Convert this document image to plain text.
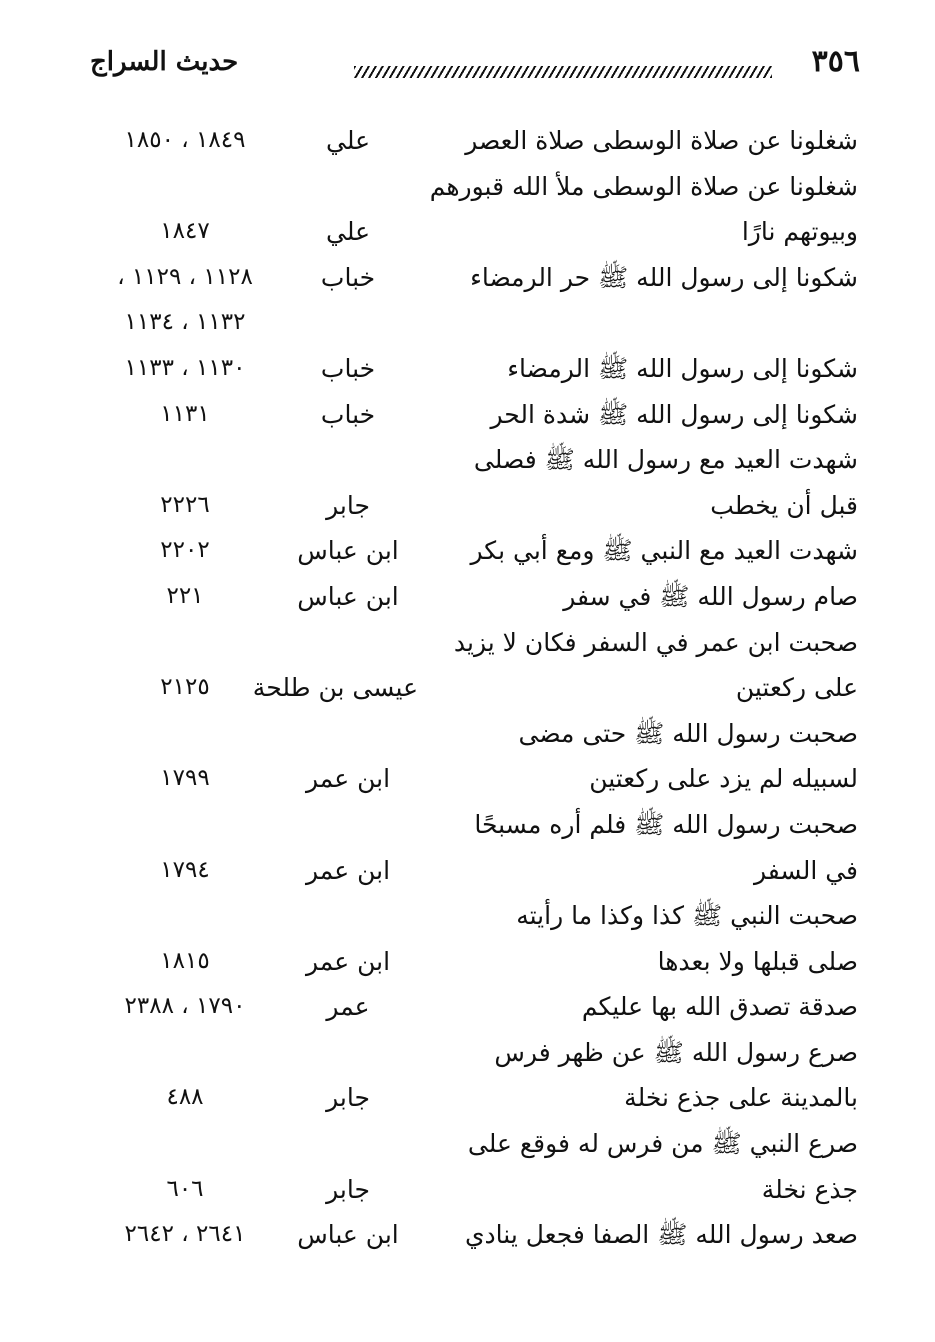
٣٥٦
حديث السراج
شغلونا عن صلاة الوسطى صلاة العصر
علي
١٨٤٩ ، ١٨٥٠
شغلونا عن صلاة الوسطى ملأ الله قبورهم
وبيوتهم نارًا
علي
١٨٤٧
شكونا إلى رسول الله ﷺ حر الرمضاء
خباب
١١٢٨ ، ١١٢٩ ،
١١٣٢ ، ١١٣٤
شكونا إلى رسول الله ﷺ الرمضاء
خباب
١١٣٠ ، ١١٣٣
شكونا إلى رسول الله ﷺ شدة الحر
خباب
١١٣١
شهدت العيد مع رسول الله ﷺ فصلى
قبل أن يخطب
جابر
٢٢٢٦
شهدت العيد مع النبي ﷺ ومع أبي بكر
ابن عباس
٢٢٠٢
صام رسول الله ﷺ في سفر
ابن عباس
٢٢١
صحبت ابن عمر في السفر فكان لا يزيد
على ركعتين
عيسى بن طلحة
٢١٢٥
صحبت رسول الله ﷺ حتى مضى
لسبيله لم يزد على ركعتين
ابن عمر
١٧٩٩
صحبت رسول الله ﷺ فلم أره مسبحًا
في السفر
ابن عمر
١٧٩٤
صحبت النبي ﷺ كذا وكذا ما رأيته
صلى قبلها ولا بعدها
ابن عمر
١٨١٥
صدقة تصدق الله بها عليكم
عمر
١٧٩٠ ، ٢٣٨٨
صرع رسول الله ﷺ عن ظهر فرس
بالمدينة على جذع نخلة
جابر
٤٨٨
صرع النبي ﷺ من فرس له فوقع على
جذع نخلة
جابر
٦٠٦
صعد رسول الله ﷺ الصفا فجعل ينادي
ابن عباس
٢٦٤١ ، ٢٦٤٢
